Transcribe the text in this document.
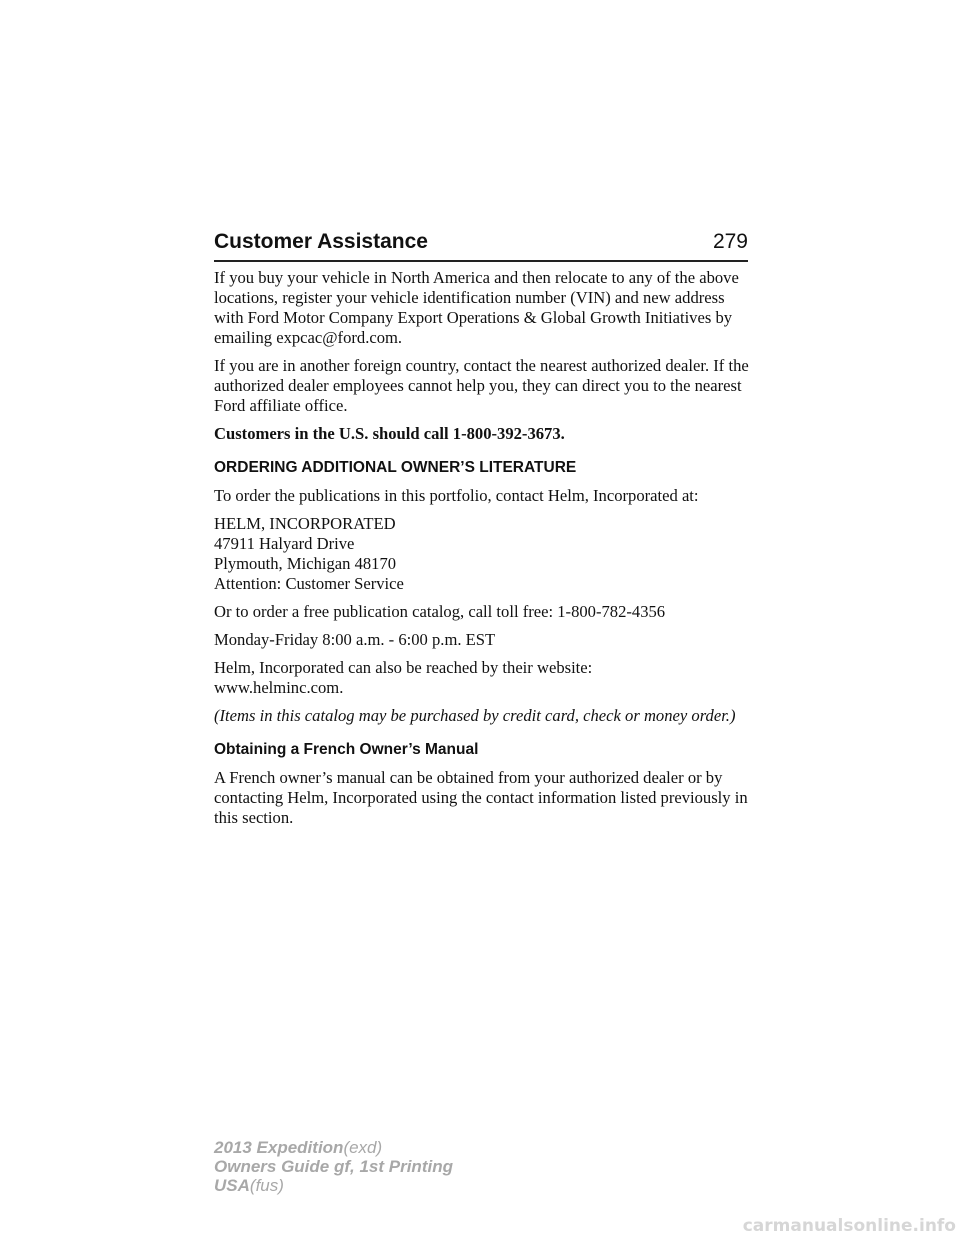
Customer Assistance	279

If you buy your vehicle in North America and then relocate to any of the above locations, register your vehicle identification number (VIN) and new address with Ford Motor Company Export Operations & Global Growth Initiatives by emailing expcac@ford.com.

If you are in another foreign country, contact the nearest authorized dealer. If the authorized dealer employees cannot help you, they can direct you to the nearest Ford affiliate office.

Customers in the U.S. should call 1-800-392-3673.

ORDERING ADDITIONAL OWNER’S LITERATURE

To order the publications in this portfolio, contact Helm, Incorporated at:

HELM, INCORPORATED
47911 Halyard Drive
Plymouth, Michigan 48170
Attention: Customer Service

Or to order a free publication catalog, call toll free: 1-800-782-4356

Monday-Friday 8:00 a.m. - 6:00 p.m. EST

Helm, Incorporated can also be reached by their website:
www.helminc.com.

(Items in this catalog may be purchased by credit card, check or money order.)

Obtaining a French Owner’s Manual

A French owner’s manual can be obtained from your authorized dealer or by contacting Helm, Incorporated using the contact information listed previously in this section.

2013 Expedition(exd)
Owners Guide gf, 1st Printing
USA(fus)
carmanualsonline.info
